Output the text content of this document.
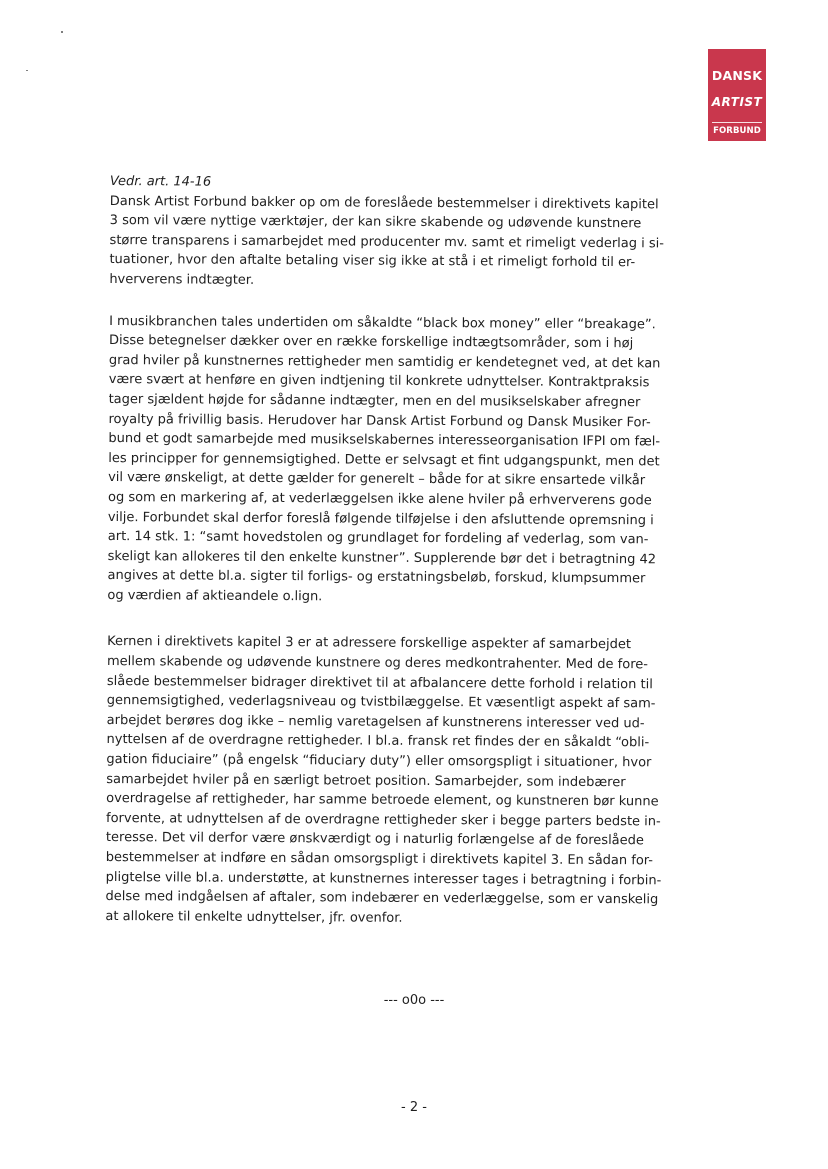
DANSK
ARTIST
FORBUND
Vedr. art. 14-16
Dansk Artist Forbund bakker op om de foreslåede bestemmelser i direktivets kapitel
3 som vil være nyttige værktøjer, der kan sikre skabende og udøvende kunstnere
større transparens i samarbejdet med producenter mv. samt et rimeligt vederlag i si-
tuationer, hvor den aftalte betaling viser sig ikke at stå i et rimeligt forhold til er-
hververens indtægter.
I musikbranchen tales undertiden om såkaldte “black box money” eller “breakage”.
Disse betegnelser dækker over en række forskellige indtægtsområder, som i høj
grad hviler på kunstnernes rettigheder men samtidig er kendetegnet ved, at det kan
være svært at henføre en given indtjening til konkrete udnyttelser. Kontraktpraksis
tager sjældent højde for sådanne indtægter, men en del musikselskaber afregner
royalty på frivillig basis. Herudover har Dansk Artist Forbund og Dansk Musiker For-
bund et godt samarbejde med musikselskabernes interesseorganisation IFPI om fæl-
les principper for gennemsigtighed. Dette er selvsagt et fint udgangspunkt, men det
vil være ønskeligt, at dette gælder for generelt – både for at sikre ensartede vilkår
og som en markering af, at vederlæggelsen ikke alene hviler på erhververens gode
vilje. Forbundet skal derfor foreslå følgende tilføjelse i den afsluttende opremsning i
art. 14 stk. 1: “samt hovedstolen og grundlaget for fordeling af vederlag, som van-
skeligt kan allokeres til den enkelte kunstner”. Supplerende bør det i betragtning 42
angives at dette bl.a. sigter til forligs- og erstatningsbeløb, forskud, klumpsummer
og værdien af aktieandele o.lign.
Kernen i direktivets kapitel 3 er at adressere forskellige aspekter af samarbejdet
mellem skabende og udøvende kunstnere og deres medkontrahenter. Med de fore-
slåede bestemmelser bidrager direktivet til at afbalancere dette forhold i relation til
gennemsigtighed, vederlagsniveau og tvistbilæggelse. Et væsentligt aspekt af sam-
arbejdet berøres dog ikke – nemlig varetagelsen af kunstnerens interesser ved ud-
nyttelsen af de overdragne rettigheder. I bl.a. fransk ret findes der en såkaldt “obli-
gation fiduciaire” (på engelsk “fiduciary duty”) eller omsorgspligt i situationer, hvor
samarbejdet hviler på en særligt betroet position. Samarbejder, som indebærer
overdragelse af rettigheder, har samme betroede element, og kunstneren bør kunne
forvente, at udnyttelsen af de overdragne rettigheder sker i begge parters bedste in-
teresse. Det vil derfor være ønskværdigt og i naturlig forlængelse af de foreslåede
bestemmelser at indføre en sådan omsorgspligt i direktivets kapitel 3. En sådan for-
pligtelse ville bl.a. understøtte, at kunstnernes interesser tages i betragtning i forbin-
delse med indgåelsen af aftaler, som indebærer en vederlæggelse, som er vanskelig
at allokere til enkelte udnyttelser, jfr. ovenfor.
--- o0o ---
- 2 -
